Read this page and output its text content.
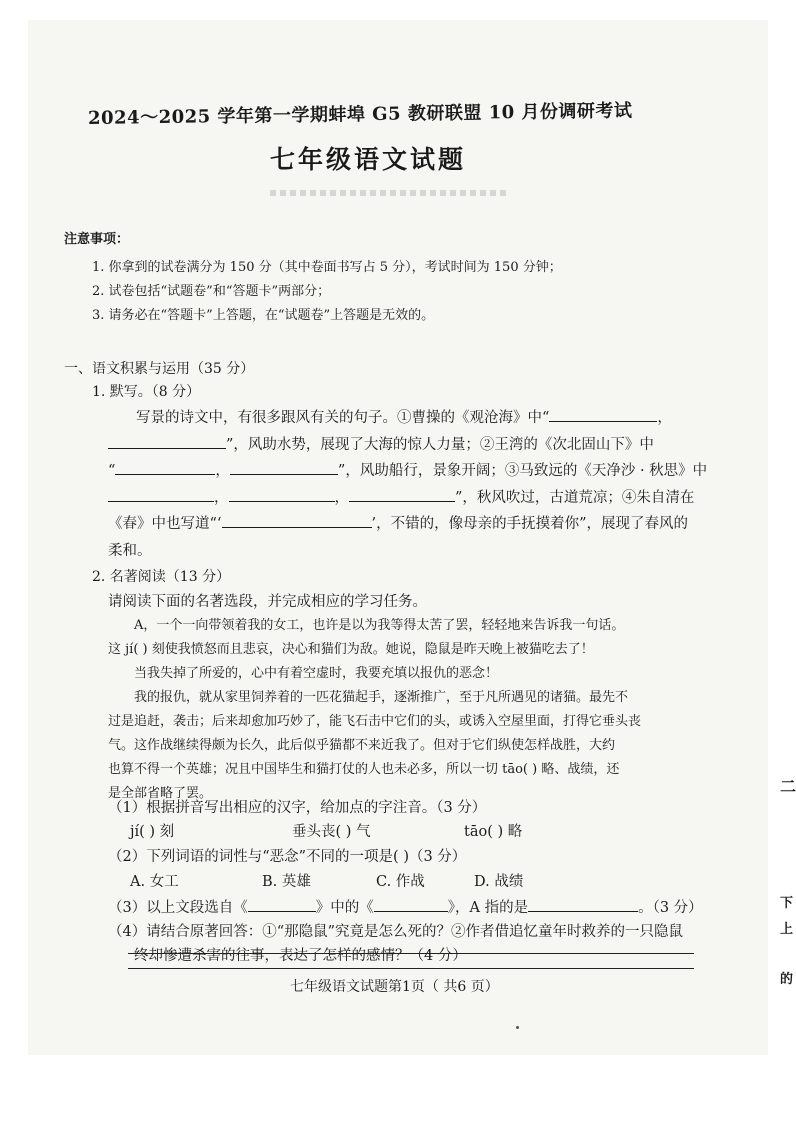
2024～2025 学年第一学期蚌埠 G5 教研联盟 10 月份调研考试
七年级语文试题
注意事项：
1. 你拿到的试卷满分为 150 分（其中卷面书写占 5 分），考试时间为 150 分钟；
2. 试卷包括“试题卷”和“答题卡”两部分；
3. 请务必在“答题卡”上答题，在“试题卷”上答题是无效的。
一、语文积累与运用（35 分）
1. 默写。（8 分）
写景的诗文中，有很多跟风有关的句子。①曹操的《观沧海》中“	，
”，风助水势，展现了大海的惊人力量；②王湾的《次北固山下》中
“	，	”，风助船行，景象开阔；③马致远的《天净沙 · 秋思》中
，	，	”，秋风吹过，古道荒凉；④朱自清在
《春》中也写道“‘	’，不错的，像母亲的手抚摸着你”，展现了春风的
柔和。
2. 名著阅读（13 分）
请阅读下面的名著选段，并完成相应的学习任务。
A，一个一向带领着我的女工，也许是以为我等得太苦了罢，轻轻地来告诉我一句话。
这 jí( ) 刻使我愤怒而且悲哀，决心和猫们为敌。她说，隐鼠是昨天晚上被猫吃去了！
当我失掉了所爱的，心中有着空虚时，我要充填以报仇的恶念！
我的报仇，就从家里饲养着的一匹花猫起手，逐渐推广，至于凡所遇见的诸猫。最先不
过是追赶，袭击；后来却愈加巧妙了，能飞石击中它们的头，或诱入空屋里面，打得它垂头丧
气。这作战继续得颇为长久，此后似乎猫都不来近我了。但对于它们纵使怎样战胜，大约
也算不得一个英雄；况且中国毕生和猫打仗的人也未必多，所以一切 tāo( ) 略、战绩，还
是全部省略了罢。
（1）根据拼音写出相应的汉字，给加点的字注音。（3 分）
jí( ) 刻	垂头丧( ) 气	tāo( ) 略
（2）下列词语的词性与“恶念”不同的一项是( )（3 分）
A. 女工	B. 英雄	C. 作战	D. 战绩
（3）以上文段选自《	》中的《	》，A 指的是	。（3 分）
（4）请结合原著回答：①“那隐鼠”究竟是怎么死的？②作者借追忆童年时救养的一只隐鼠
终却惨遭杀害的往事，表达了怎样的感情？（4 分）
七年级语文试题第1页（ 共6 页）
二
下
上
的
